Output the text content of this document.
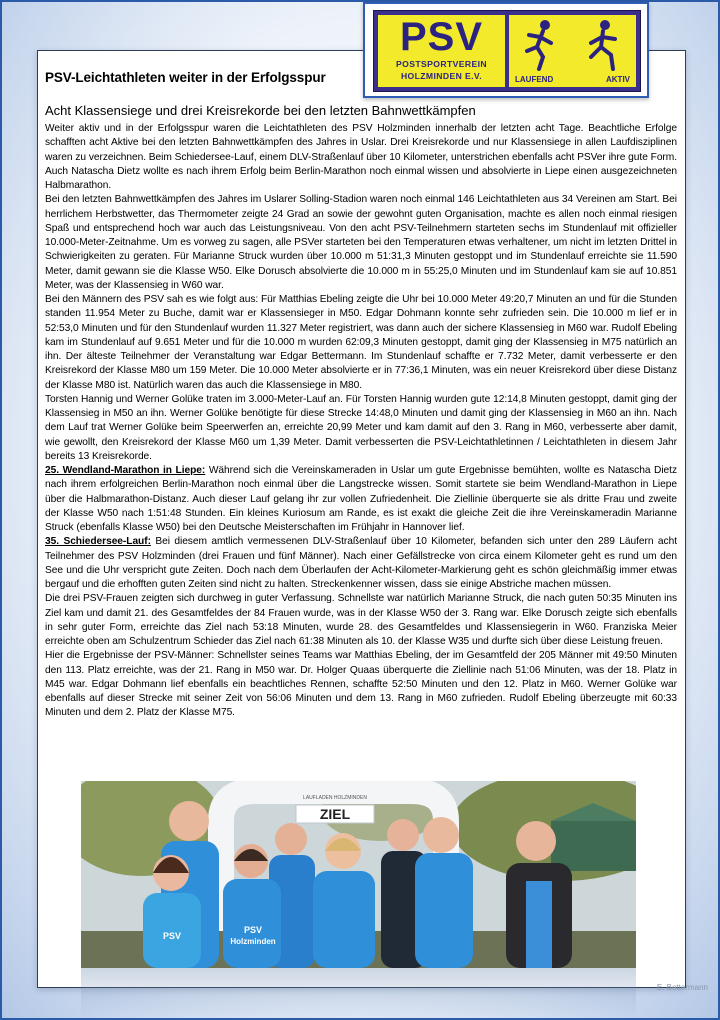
PSV
POSTSPORTVEREIN
HOLZMINDEN E.V.	LAUFEND	AKTIV
PSV-Leichtathleten weiter in der Erfolgsspur
Acht Klassensiege und drei Kreisrekorde bei den letzten Bahnwettkämpfen

Weiter aktiv und in der Erfolgsspur waren die Leichtathleten des PSV Holzminden innerhalb der letzten acht Tage. Beachtliche Erfolge schafften acht Aktive bei den letzten Bahnwettkämpfen des Jahres in Uslar. Drei Kreisrekorde und nur Klassensiege in allen Laufdisziplinen waren zu verzeichnen. Beim Schiedersee-Lauf, einem DLV-Straßenlauf über 10 Kilometer, unterstrichen ebenfalls acht PSVer ihre gute Form. Auch Natascha Dietz wollte es nach ihrem Erfolg beim Berlin-Marathon noch einmal wissen und absolvierte in Liepe einen ausgezeichneten Halbmarathon.

Bei den letzten Bahnwettkämpfen des Jahres im Uslarer Solling-Stadion waren noch einmal 146 Leichtathleten aus 34 Vereinen am Start. Bei herrlichem Herbstwetter, das Thermometer zeigte 24 Grad an sowie der gewohnt guten Organisation, machte es allen noch einmal riesigen Spaß und entsprechend hoch war auch das Leistungsniveau. Von den acht PSV-Teilnehmern starteten sechs im Stundenlauf mit offizieller 10.000-Meter-Zeitnahme. Um es vorweg zu sagen, alle PSVer starteten bei den Temperaturen etwas verhaltener, um nicht im letzten Drittel in Schwierigkeiten zu geraten. Für Marianne Struck wurden über 10.000 m 51:31,3 Minuten gestoppt und im Stundenlauf erreichte sie 11.590 Meter, damit gewann sie die Klasse W50. Elke Dorusch absolvierte die 10.000 m in 55:25,0 Minuten und im Stundenlauf kam sie auf 10.851 Meter, was der Klassensieg in W60 war.

Bei den Männern des PSV sah es wie folgt aus: Für Matthias Ebeling zeigte die Uhr bei 10.000 Meter 49:20,7 Minuten an und für die Stunden standen 11.954 Meter zu Buche, damit war er Klassensieger in M50. Edgar Dohmann konnte sehr zufrieden sein. Die 10.000 m lief er in 52:53,0 Minuten und für den Stundenlauf wurden 11.327 Meter registriert, was dann auch der sichere Klassensieg in M60 war. Rudolf Ebeling kam im Stundenlauf auf 9.651 Meter und für die 10.000 m wurden 62:09,3 Minuten gestoppt, damit ging der Klassensieg in M75 natürlich an ihn. Der älteste Teilnehmer der Veranstaltung war Edgar Bettermann. Im Stundenlauf schaffte er 7.732 Meter, damit verbesserte er den Kreisrekord der Klasse M80 um 159 Meter. Die 10.000 Meter absolvierte er in 77:36,1 Minuten, was ein neuer Kreisrekord über diese Distanz der Klasse M80 ist. Natürlich waren das auch die Klassensiege in M80.

Torsten Hannig und Werner Golüke traten im 3.000-Meter-Lauf an. Für Torsten Hannig wurden gute 12:14,8 Minuten gestoppt, damit ging der Klassensieg in M50 an ihn. Werner Golüke benötigte für diese Strecke 14:48,0 Minuten und damit ging der Klassensieg in M60 an ihn. Nach dem Lauf trat Werner Golüke beim Speerwerfen an, erreichte 20,99 Meter und kam damit auf den 3. Rang in M60, verbesserte aber damit, wie gewollt, den Kreisrekord der Klasse M60 um 1,39 Meter. Damit verbesserten die PSV-Leichtathletinnen / Leichtathleten in diesem Jahr bereits 13 Kreisrekorde.

25. Wendland-Marathon in Liepe: Während sich die Vereinskameraden in Uslar um gute Ergebnisse bemühten, wollte es Natascha Dietz nach ihrem erfolgreichen Berlin-Marathon noch einmal über die Langstrecke wissen. Somit startete sie beim Wendland-Marathon in Liepe über die Halbmarathon-Distanz. Auch dieser Lauf gelang ihr zur vollen Zufriedenheit. Die Ziellinie überquerte sie als dritte Frau und zweite der Klasse W50 nach 1:51:48 Stunden. Ein kleines Kuriosum am Rande, es ist exakt die gleiche Zeit die ihre Vereinskameradin Marianne Struck (ebenfalls Klasse W50) bei den Deutsche Meisterschaften im Frühjahr in Hannover lief.

35. Schiedersee-Lauf: Bei diesem amtlich vermessenen DLV-Straßenlauf über 10 Kilometer, befanden sich unter den 289 Läufern acht Teilnehmer des PSV Holzminden (drei Frauen und fünf Männer). Nach einer Gefällstrecke von circa einem Kilometer geht es rund um den See und die Uhr verspricht gute Zeiten. Doch nach dem Überlaufen der Acht-Kilometer-Markierung geht es schön gleichmäßig immer etwas bergauf und die erhofften guten Zeiten sind nicht zu halten. Streckenkenner wissen, dass sie einige Abstriche machen müssen.

Die drei PSV-Frauen zeigten sich durchweg in guter Verfassung. Schnellste war natürlich Marianne Struck, die nach guten 50:35 Minuten ins Ziel kam und damit 21. des Gesamtfeldes der 84 Frauen wurde, was in der Klasse W50 der 3. Rang war. Elke Dorusch zeigte sich ebenfalls in sehr guter Form, erreichte das Ziel nach 53:18 Minuten, wurde 28. des Gesamtfeldes und Klassensiegerin in W60. Franziska Meier erreichte oben am Schulzentrum Schieder das Ziel nach 61:38 Minuten als 10. der Klasse W35 und durfte sich über diese Leistung freuen.

Hier die Ergebnisse der PSV-Männer: Schnellster seines Teams war Matthias Ebeling, der im Gesamtfeld der 205 Männer mit 49:50 Minuten den 113. Platz erreichte, was der 21. Rang in M50 war. Dr. Holger Quaas überquerte die Ziellinie nach 51:06 Minuten, was der 18. Platz in M45 war. Edgar Dohmann lief ebenfalls ein beachtliches Rennen, schaffte 52:50 Minuten und den 12. Platz in M60. Werner Golüke war ebenfalls auf dieser Strecke mit seiner Zeit von 56:06 Minuten und dem 13. Rang in M60 zufrieden. Rudolf Ebeling überzeugte mit 60:33 Minuten und dem 2. Platz der Klasse M75.

ZIEL
LAUFLADEN HOLZMINDEN
PSV
PSV
Holzminden
E. Bettermann
